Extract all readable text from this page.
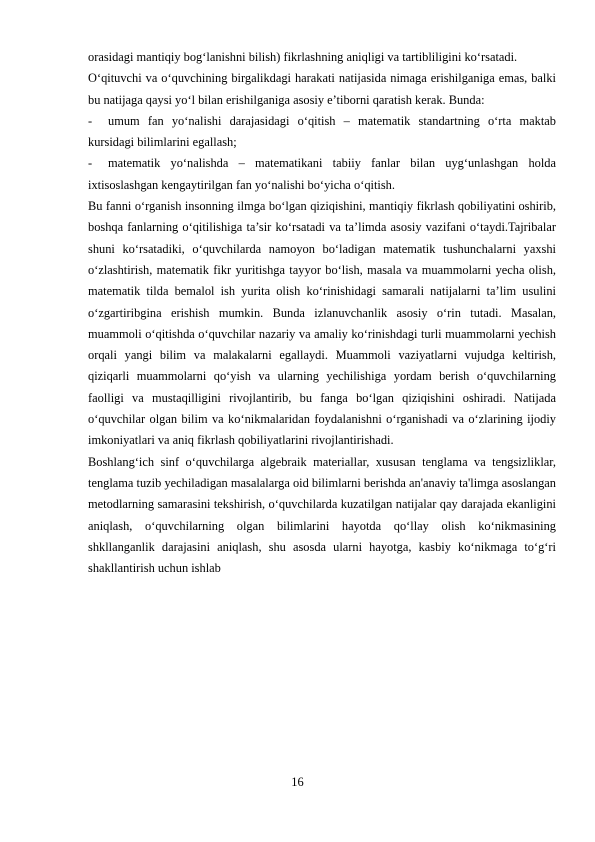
orasidagi mantiqiy bog‘lanishni bilish) fikrlashning aniqligi va tartibliligini ko‘rsatadi.

O‘qituvchi va o‘quvchining birgalikdagi harakati natijasida nimaga erishilganiga emas, balki bu natijaga qaysi yo‘l bilan erishilganiga asosiy e’tiborni qaratish kerak. Bunda:

- umum fan yo‘nalishi darajasidagi o‘qitish – matematik standartning o‘rta maktab kursidagi bilimlarini egallash;

- matematik yo‘nalishda – matematikani tabiiy fanlar bilan uyg‘unlashgan holda ixtisoslashgan kengaytirilgan fan yo‘nalishi bo‘yicha o‘qitish.

Bu fanni o‘rganish insonning ilmga bo‘lgan qiziqishini, mantiqiy fikrlash qobiliyatini oshirib, boshqa fanlarning o‘qitilishiga ta’sir ko‘rsatadi va ta’limda asosiy vazifani o‘taydi.Tajribalar shuni ko‘rsatadiki, o‘quvchilarda namoyon bo‘ladigan matematik tushunchalarni yaxshi o‘zlashtirish, matematik fikr yuritishga tayyor bo‘lish, masala va muammolarni yecha olish, matematik tilda bemalol ish yurita olish ko‘rinishidagi samarali natijalarni ta’lim usulini o‘zgartiribgina erishish mumkin. Bunda izlanuvchanlik asosiy o‘rin tutadi. Masalan, muammoli o‘qitishda o‘quvchilar nazariy va amaliy ko‘rinishdagi turli muammolarni yechish orqali yangi bilim va malakalarni egallaydi. Muammoli vaziyatlarni vujudga keltirish, qiziqarli muammolarni qo‘yish va ularning yechilishiga yordam berish o‘quvchilarning faolligi va mustaqilligini rivojlantirib, bu fanga bo‘lgan qiziqishini oshiradi. Natijada o‘quvchilar olgan bilim va ko‘nikmalaridan foydalanishni o‘rganishadi va o‘zlarining ijodiy imkoniyatlari va aniq fikrlash qobiliyatlarini rivojlantirishadi.

Boshlang‘ich sinf o‘quvchilarga algebraik materiallar, xususan tenglama va tengsizliklar, tenglama tuzib yechiladigan masalalarga oid bilimlarni berishda an'anaviy ta'limga asoslangan metodlarning samarasini tekshirish, o‘quvchilarda kuzatilgan natijalar qay darajada ekanligini aniqlash, o‘quvchilarning olgan bilimlarini hayotda qo‘llay olish ko‘nikmasining shkllanganlik darajasini aniqlash, shu asosda ularni hayotga, kasbiy ko‘nikmaga to‘g‘ri shakllantirish uchun ishlab

16
